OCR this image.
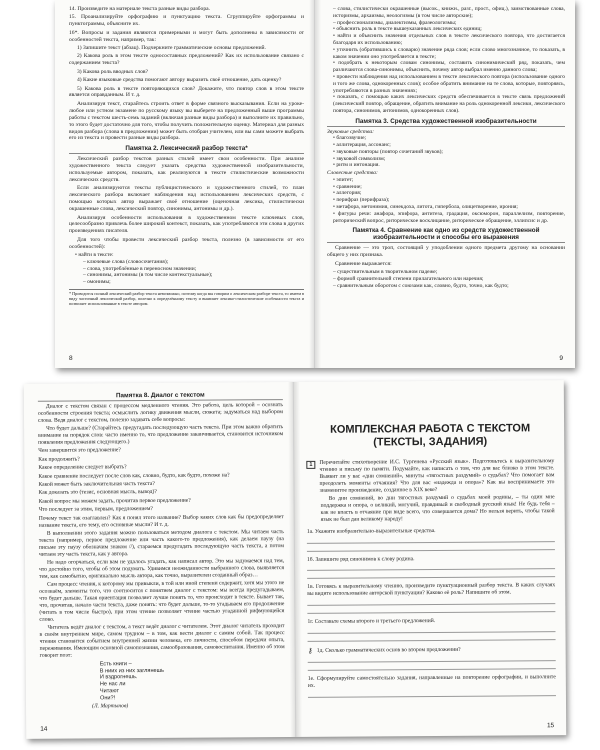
14. Произведите на материале текста разные виды разбора.

15. Проанализируйте орфографию и пунктуацию текста. Сгруппируйте орфограммы и пунктограммы, объясните их.

16*. Вопросы и задания являются примерными и могут быть дополнены в зависимости от особенностей текста, например, так:

1) Запишите текст (абзац). Подчеркните грамматические основы предложений.

2) Какова роль в этом тексте односоставных предложений? Как их использование связано с содержанием текста?

3) Какова роль вводных слов?

4) Какие языковые средства помогают автору выразить своё отношение, дать оценку?

5) Какова роль в тексте повторяющихся слов? Докажите, что повтор слов в этом тексте является оправданным. И т. д.

Анализируя текст, старайтесь строить ответ в форме связного высказывания. Если на уроке-любое или устном экзамене по русскому языку вы выберете на предложенный выше программы работы с текстом шесть-семь заданий (включая разные виды разбора) и выполните их правильно, то этого будет достаточно для того, чтобы получить положительную оценку. Материал для разных видов разбора (слова в предложении) может быть отобран учителем, или вы сами можете выбрать его из текста и провести разные виды разбора.

Памятка 2. Лексический разбор текста*

Лексический разбор текстов разных стилей имеет свои особенности. При анализе художественного текста следует указать средства художественной изобразительности, используемые автором, показать, как реализуются в тексте стилистические возможности лексических средств.

Если анализируются тексты публицистического и художественного стилей, то план лексического разбора включает наблюдения над использованием лексических средств, с помощью которых автор выражает своё отношение (оценочная лексика, стилистически окрашенные слова, лексический повтор, синонимы, антонимы и др.).

Анализируя особенности использования в художественном тексте ключевых слов, целесообразно привлечь более широкий контекст, показать, как употребляются эти слова в других произведениях писателя.

Для того чтобы провести лексический разбор текста, полезно (в зависимости от его особенностей):

• найти в тексте:
– ключевые слова (словосочетания);
– слова, употреблённые в переносном значении;
– синонимы, антонимы (в том числе контекстуальные);
– омонимы;

* Проводится полный лексический разбор текста невозможно, поэтому когда мы говорим о лексическом разборе текста, то имеем в виду частичный лексический разбор, полезно к определённому тексту и выявляет лексико-стилистические особенности текста и позволяет использованные в тексте автором.

8
– слова, стилистически окрашенные (высок., книжн., разг., прост., офиц.), заимствованные слова, историзмы, архаизмы, неологизмы (в том числе авторские);
– профессионализмы, диалектизмы, фразеологизмы;
• объяснить роль в тексте вышеуказанных лексических единиц;
• найти и объяснить значения отдельных слов в тексте лексического повтора, что достигается благодаря их использованию;
• уточнить (обратившись к словарю) значение ряда слов; если слово многозначное, то показать, в каком значении оно употребляется в тексте;
• подобрать к некоторым словам синонимы, составить синонимический ряд, показать, чем различаются слова-синонимы, объяснить, почему автор выбрал именно данного слова;
• провести наблюдения над использованием в тексте лексического повтора (использование одного и того же слова, однокоренных слов); особое обратить внимание на те слова, которые, повторяясь, употребляются в разных значениях;
• показать, с помощью каких лексических средств обеспечивается в тексте связь предложений (лексический повтор, обращение, обратить внимание на роль однокоренной лексики, лексического повтора, синонимов, антонимов, однокоренных слов).
Памятка 3. Средства художественной изобразительности
Звуковые средства:
• благозвучие;
• аллитерация, ассонанс;
• звуковые повторы (повтор сочетаний звуков);
• звуковой символизм;
• ритм и интонация.
Словесные средства:
• эпитет;
• сравнение;
• аллегория;
• перифраз (перифраза);
• метафора, метонимия, синекдоха, литота, гипербола, олицетворение, ирония;
• фигуры речи: анафора, эпифора, антитеза, градация, оксюморон, параллелизм, повторение, риторический вопрос, риторическое восклицание, риторическое обращение, эллипсис и др.
Памятка 4. Сравнение как одно из средств художественной изобразительности и способы его выражения

Сравнение — это троп, состоящий у уподоблении одного предмета другому на основании общего у них признака.

Сравнение выражается:

– существительным в творительном падеже;
– формой сравнительной степени прилагательного или наречия;
– сравнительным оборотом с союзами как, словно, будто, точно, как будто;
9
Памятка 8. Диалог с текстом

Диалог с текстом связан с процессом медленного чтения. Это работа, цель которой – осознать особенности строения текста; осмыслить логику движения мысли, сюжета; задуматься над выбором слова. Ведя диалог с текстом, полезно задавать себе вопросы:

Что будет дальше? (Старайтесь предугадать последующую часть текста. При этом важно обратить внимание на порядок слов: часто именно то, что предложение заканчивается, становится источником появления предложения следующего.)

Чем завершится это предложение?

Как продолжить?

Какое определение следует выбрать?

Какое сравнение последует после слов как, словно, будто, как будто, похоже на?

Какой может быть заключительная часть текста?

Как доказать это (тезис, основная мысль, вывод)?

Какой вопрос мы можем задать, прочитав первое предложение?

Что последует за этим, первым, предложением?

Почему текст так озаглавлен? Как я понял этого название? Выбор каких слов как бы предопределяет название текста, его тему, его основные мысли? И т. д.

В выполнении этого задания можно пользоваться методом диалога с текстом. Мы читаем часть текста (например, первое предложение или часть какого-то предложения), как делаем паузу (на письме эту паузу обозначим знаком //), стараемся предугадать последующую часть текста, а потом читаем эту часть текста, как у автора.

Не надо огорчаться, если вам не удалось угадать, как написал автор. Это мы задумаемся над тем, что достойно того, чтобы об этом подумать. Удивимся неожиданности выбранного слова, выявляется тем, как самобытно, оригинально мысль автора, как точно, выразителен созданный образ…

Сам процесс чтения, к которому мы привыкли, в той или иной степени содержит, хотя мы этого не осознаём, элементы того, что соотносится с понятием диалог с текстом: мы всегда предугадываем, что будет дальше. Такая ориентация позволяет лучше понять то, что происходит в тексте. Бывает так, что, прочитав, начало части текста, даже понять: что будет дальше, то-то угадываем его продолжение (читать в том числе быстро), при этом чтение позволяет чтение частью угаданной рифмующейся слово.

Читатель ведёт диалог с текстом, а текст ведёт диалог с читателем. Этот диалог читатель проходит в своём внутреннем мире, самом трудном – в том, как вести диалог с самим собой. Так процесс чтения становится событием внутренней жизни человека, его личности, способом передачи опыта, переживания. Имеющим основной самопознания, самообразования, самовоспитания. Именно об этом говорит поэт:

Есть книги –
В ниих из них заглянешь
И вздрогнешь.
Не нас ли
Читают
Они?!
(Л. Мартынов)
14
КОМПЛЕКСНАЯ РАБОТА С ТЕКСТОМ
(ТЕКСТЫ, ЗАДАНИЯ)
1	Перечитайте стихотворение И.С. Тургенева «Русский язык». Подготовьтесь к выразительному чтению и письму по памяти. Подумайте, как написать о том, что для вас близко в этом тексте. Выявит ли у вас «дни сомнений», минуты «тягостных раздумий» о судьбах? Что помогает вам преодолеть моменты отчаяния? Что для вас «надежда и опора»? Как вы воспринимаете это знаменитое произведение, созданное в XIX веке?

Во дни сомнений, во дни тягостных раздумий о судьбах моей родины, – ты один мне поддержка и опора, о великий, могучий, правдивый и свободный русский язык! Не будь тебя – как не впасть в отчаяние при виде всего, что совершается дома? Но нельзя верить, чтобы такой язык не был дан великому народу!

1а. Укажите изобразительно-выразительные средства.

1б. Запишите ряд синонимов к слову родина.

1в. Готовясь к выразительному чтению, произведите пунктуационный разбор текста. В каких случаях вы видите использование авторской пунктуации? Каково её роль? Напишите об этом.

1г. Составьте схемы второго и третьего предложений.

⚷ 1д. Сколько грамматических основ во втором предложении?

1е. Сформулируйте самостоятельно задания, направленные на повторение орфографии, и выполните их.

15
